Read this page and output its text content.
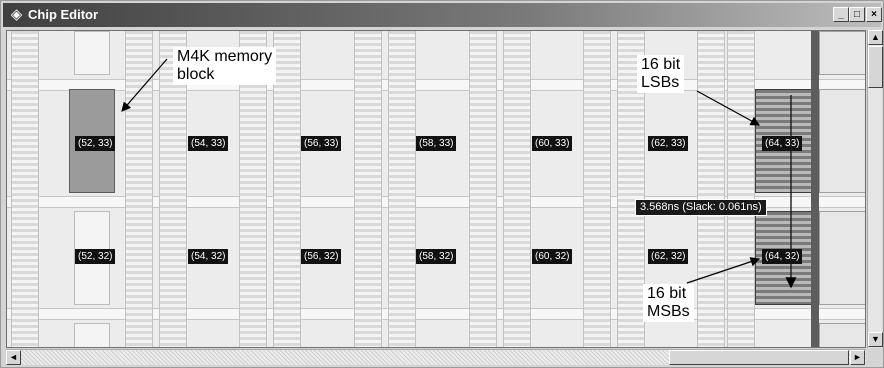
◈ Chip Editor	_	□	×
(52, 33)	(54, 33)	(56, 33)	(58, 33)	(60, 33)	(62, 33)	(64, 33)
(52, 32)	(54, 32)	(56, 32)	(58, 32)	(60, 32)	(62, 32)	(64, 32)
M4K memory
block
16 bit
LSBs
16 bit
MSBs
3.568ns (Slack: 0.061ns)
▲
▼
◄	►
